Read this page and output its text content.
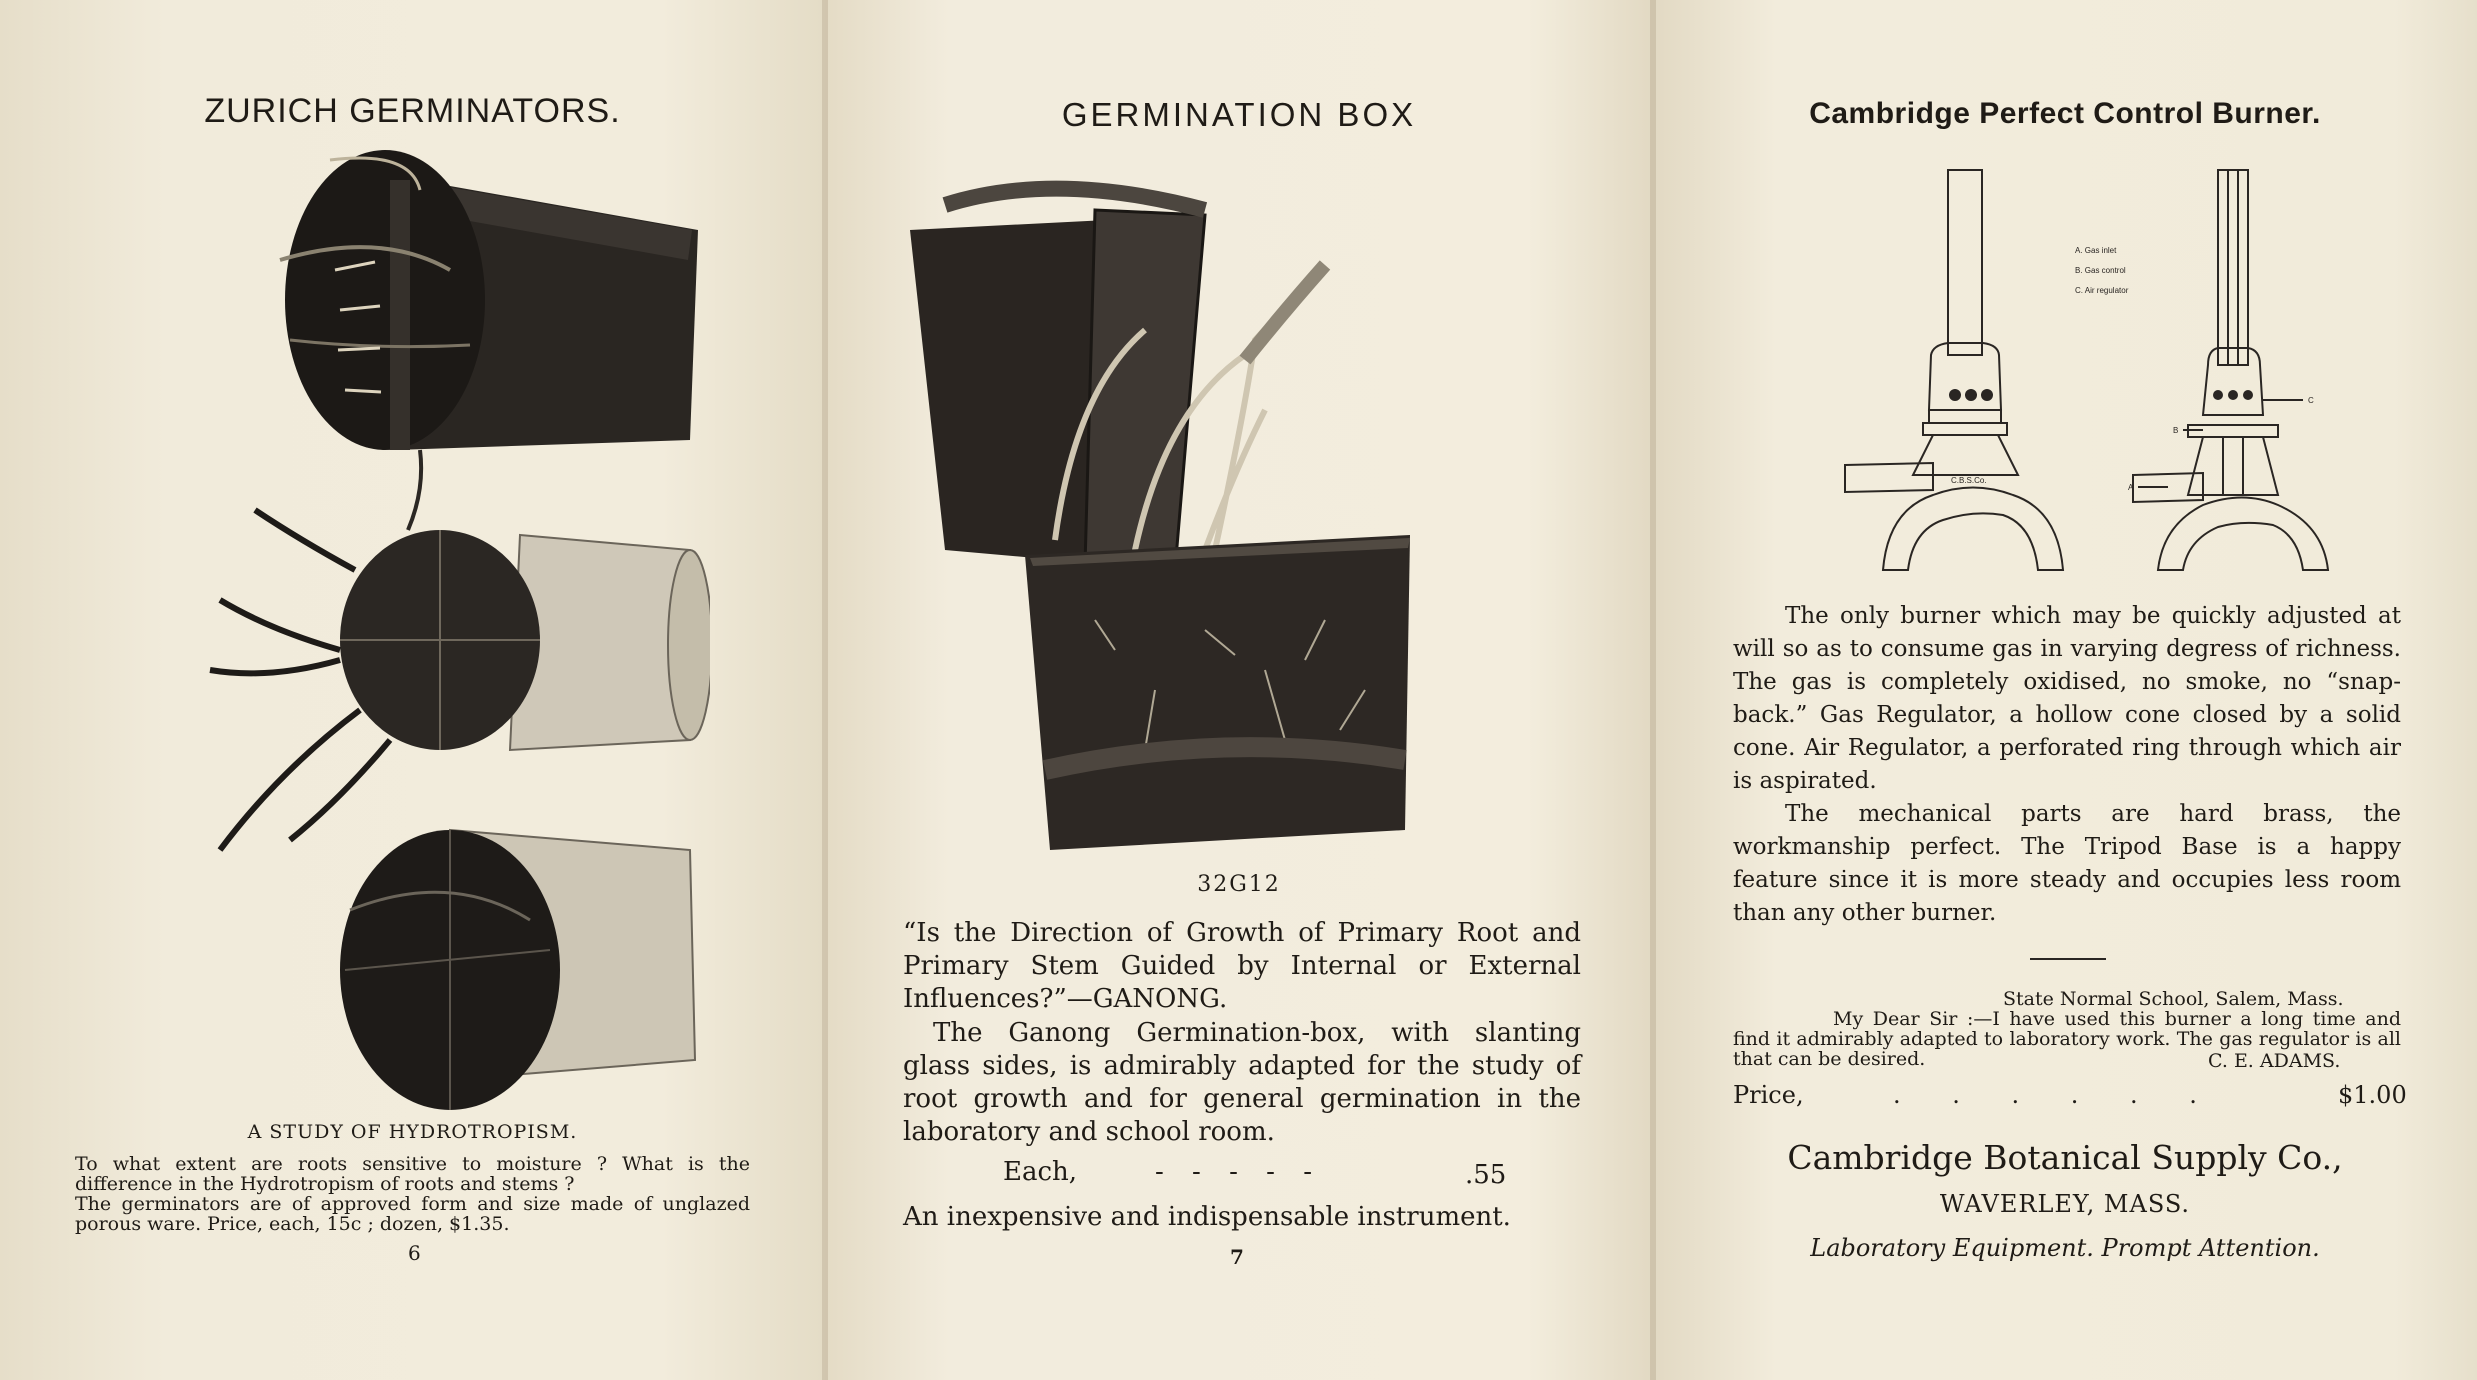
ZURICH GERMINATORS.
A STUDY OF HYDROTROPISM.
To what extent are roots sensitive to moisture ? What is the difference in the Hydrotropism of roots and stems ?
The germinators are of approved form and size made of unglazed porous ware. Price, each, 15c ; dozen, $1.35.
6
GERMINATION BOX
32G12
“Is the Direction of Growth of Primary Root and Primary Stem Guided by Internal or External Influences?”—GANONG.
The Ganong Germination-box, with slanting glass sides, is admirably adapted for the study of root growth and for general germination in the laboratory and school room.
Each,	- - - - -	.55
An inexpensive and indispensable instrument.
7
Cambridge Perfect Control Burner.
A. Gas inlet
B. Gas control
C. Air regulator
C
B
A
C.B.S.Co.
The only burner which may be quickly adjusted at will so as to consume gas in varying degress of richness. The gas is completely oxidised, no smoke, no “snap-back.” Gas Regulator, a hollow cone closed by a solid cone. Air Regulator, a perforated ring through which air is aspirated.
The mechanical parts are hard brass, the workmanship perfect. The Tripod Base is a happy feature since it is more steady and occupies less room than any other burner.
State Normal School, Salem, Mass.
My Dear Sir :—I have used this burner a long time and find it admirably adapted to laboratory work. The gas regulator is all that can be desired.	C. E. ADAMS.
Price,	. . . . . .	$1.00
Cambridge Botanical Supply Co.,
WAVERLEY, MASS.
Laboratory Equipment. Prompt Attention.
